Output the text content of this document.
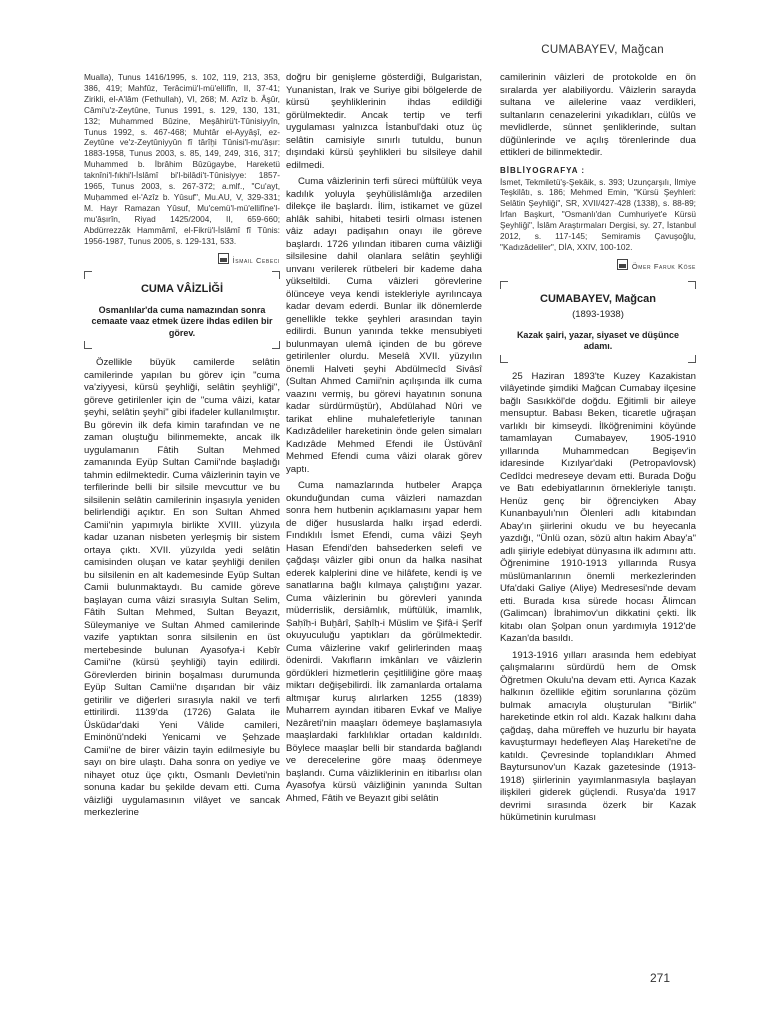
CUMABAYEV, Mağcan

Mualla), Tunus 1416/1995, s. 102, 119, 213, 353, 386, 419; Mahfûz, Terâcimü'l-mü'ellifîn, II, 37-41; Zirikli, el-A'lâm (Fethullah), VI, 268; M. Azîz b. Âşûr, Câmi'u'z-Zeytûne, Tunus 1991, s. 129, 130, 131, 132; Muhammed Bûzine, Meşâhirü't-Tûnisiyyîn, Tunus 1992, s. 467-468; Muhtâr el-Ayyâşî, ez-Zeytûne ve'z-Zeytûniyyûn fî târîḫi Tûnisi'l-mu'âṣır: 1883-1958, Tunus 2003, s. 85, 149, 249, 316, 317; Muhammed b. İbrâhim Bûzügaybe, Hareketü taknîni'l-fıkhi'l-İslâmî bi'l-bilâdi't-Tûnisiyye: 1857-1965, Tunus 2003, s. 267-372; a.mlf., "Cu'ayt, Muḥammed el-'Azîz b. Yûsuf", Mu.AU, V, 329-331; M. Hayr Ramazan Yûsuf, Mu'cemü'l-mü'ellifîne'l-mu'âṣırîn, Riyad 1425/2004, II, 659-660; Abdürrezzâk Hammâmî, el-Fikrü'l-İslâmî fî Tûnis: 1956-1987, Tunus 2005, s. 129-131, 533.

İsmail Cebeci

CUMA VÂİZLİĞİ

Osmanlılar'da cuma namazından sonra cemaate vaaz etmek üzere ihdas edilen bir görev.

Özellikle büyük camilerde selâtin camilerinde yapılan bu görev için "cuma va'ziyyesi, kürsü şeyhliği, selâtin şeyhliği", göreve getirilenler için de "cuma vâizi, katar şeyhi, selâtin şeyhi" gibi ifadeler kullanılmıştır. Bu görevin ilk defa kimin tarafından ve ne zaman oluştuğu bilinmemekte, ancak ilk uygulamanın Fâtih Sultan Mehmed zamanında Eyüp Sultan Camii'nde başladığı tahmin edilmektedir. Cuma vâizlerinin tayin ve terfilerinde belli bir silsile mevcuttur ve bu silsilenin selâtin camilerinin inşasıyla yeniden belirlendiği açıktır. En son Sultan Ahmed Camii'nin yapımıyla birlikte XVIII. yüzyıla kadar uzanan nisbeten yerleşmiş bir sistem ortaya çıktı. XVII. yüzyılda yedi selâtin camisinden oluşan ve katar şeyhliği denilen bu silsilenin en alt kademesinde Eyüp Sultan Camii bulunmaktaydı. Bu camide göreve başlayan cuma vâizi sırasıyla Sultan Selim, Fâtih Sultan Mehmed, Sultan Beyazıt, Süleymaniye ve Sultan Ahmed camilerinde vazife yaptıktan sonra silsilenin en üst mertebesinde bulunan Ayasofya-i Kebîr Camii'ne (kürsü şeyhliği) tayin edilirdi. Görevlerden birinin boşalması durumunda Eyüp Sultan Camii'ne dışarıdan bir vâiz getirilir ve diğerleri sırasıyla nakil ve terfi ettirilirdi. 1139'da (1726) Galata ile Üsküdar'daki Yeni Vâlide camileri, Eminönü'ndeki Yenicami ve Şehzade Camii'ne de birer vâizin tayin edilmesiyle bu sayı on bire ulaştı. Daha sonra on yediye ve nihayet otuz üçe çıktı, Osmanlı Devleti'nin sonuna kadar bu şekilde devam etti. Cuma vâizliği uygulamasının vilâyet ve sancak merkezlerine

doğru bir genişleme gösterdiği, Bulgaristan, Yunanistan, Irak ve Suriye gibi bölgelerde de kürsü şeyhliklerinin ihdas edildiği görülmektedir. Ancak tertip ve terfi uygulaması yalnızca İstanbul'daki otuz üç selâtin camisiyle sınırlı tutuldu, bunun dışındaki kürsü şeyhlikleri bu silsileye dahil edilmedi.

Cuma vâizlerinin terfi süreci müftülük veya kadılık yoluyla şeyhülislâmlığa arzedilen dilekçe ile başlardı. İlim, istikamet ve güzel ahlâk sahibi, hitabeti tesirli olması istenen vâiz adayı padişahın onayı ile göreve başlardı. 1726 yılından itibaren cuma vâizliği silsilesine dahil olanlara selâtin şeyhliği unvanı verilerek rütbeleri bir kademe daha yükseltildi. Cuma vâizleri görevlerine ölünceye veya kendi istekleriyle ayrılıncaya kadar devam ederdi. Bunlar ilk dönemlerde genellikle tekke şeyhleri arasından tayin edilirdi. Bunun yanında tekke mensubiyeti bulunmayan ulemâ içinden de bu göreve getirilenler olurdu. Meselâ XVII. yüzyılın önemli Halveti şeyhi Abdülmecîd Sivâsî (Sultan Ahmed Camii'nin açılışında ilk cuma vaazını vermiş, bu görevi hayatının sonuna kadar sürdürmüştür), Abdülahad Nûri ve tarikat ehline muhalefetleriyle tanınan Kadızâdeliler hareketinin önde gelen simaları Kadızâde Mehmed Efendi ile Üstüvânî Mehmed Efendi cuma vâizi olarak görev yaptı.

Cuma namazlarında hutbeler Arapça okunduğundan cuma vâizleri namazdan sonra hem hutbenin açıklamasını yapar hem de diğer hususlarda halkı irşad ederdi. Fındıklılı İsmet Efendi, cuma vâizi Şeyh Hasan Efendi'den bahsederken selefi ve çağdaşı vâizler gibi onun da halka nasihat ederek kalplerini dine ve hilâfete, kendi iş ve sanatlarına bağlı kılmaya çalıştığını yazar. Cuma vâizlerinin bu görevleri yanında müderrislik, dersiâmlık, müftülük, imamlık, Ṣaḥîḥ-i Buḫârî, Ṣaḥîḥ-i Müslim ve Şifâ-i Şerîf okuyuculuğu yaptıkları da görülmektedir. Cuma vâizlerine vakıf gelirlerinden maaş ödenirdi. Vakıfların imkânları ve vâizlerin gördükleri hizmetlerin çeşitliliğine göre maaş miktarı değişebilirdi. İlk zamanlarda ortalama altmışar kuruş alırlarken 1255 (1839) Muharrem ayından itibaren Evkaf ve Maliye Nezâreti'nin maaşları ödemeye başlamasıyla maaşlardaki farklılıklar ortadan kaldırıldı. Böylece maaşlar belli bir standarda bağlandı ve derecelerine göre maaş ödenmeye başlandı. Cuma vâizliklerinin en itibarlısı olan Ayasofya kürsü vâizliğinin yanında Sultan Ahmed, Fâtih ve Beyazıt gibi selâtin

camilerinin vâizleri de protokolde en ön sıralarda yer alabiliyordu. Vâizlerin sarayda sultana ve ailelerine vaaz verdikleri, sultanların cenazelerini yıkadıkları, cülûs ve mevlidlerde, sünnet şenliklerinde, sultan düğünlerinde ve açılış törenlerinde dua ettikleri de bilinmektedir.

BİBLİYOGRAFYA :

İsmet, Tekmiletü'ş-Şekâik, s. 393; Uzunçarşılı, İlmiye Teşkilâtı, s. 186; Mehmed Emin, "Kürsü Şeyhleri: Selâtin Şeyhliği", SR, XVII/427-428 (1338), s. 88-89; İrfan Başkurt, "Osmanlı'dan Cumhuriyet'e Kürsü Şeyhliği", İslâm Araştırmaları Dergisi, sy. 27, İstanbul 2012, s. 117-145; Semiramis Çavuşoğlu, "Kadızâdeliler", DİA, XXIV, 100-102.

Ömer Faruk Köse

CUMABAYEV, Mağcan

(1893-1938)

Kazak şairi, yazar, siyaset ve düşünce adamı.

25 Haziran 1893'te Kuzey Kazakistan vilâyetinde şimdiki Mağcan Cumabay ilçesine bağlı Sasıkköl'de doğdu. Eğitimli bir aileye mensuptur. Babası Beken, ticaretle uğraşan varlıklı bir kimseydi. İlköğrenimini köyünde tamamlayan Cumabayev, 1905-1910 yıllarında Muhammedcan Begişev'in idaresinde Kızılyar'daki (Petropavlovsk) Cedîdci medreseye devam etti. Burada Doğu ve Batı edebiyatlarının örnekleriyle tanıştı. Henüz genç bir öğrenciyken Abay Kunanbayulı'nın Ölenleri adlı kitabından Abay'ın şiirlerini okudu ve bu heyecanla yazdığı, "Ünlü ozan, sözü altın hakim Abay'a" adlı şiiriyle edebiyat dünyasına ilk adımını attı. Öğrenimine 1910-1913 yıllarında Rusya müslümanlarının önemli merkezlerinden Ufa'daki Galiye (Aliye) Medresesi'nde devam etti. Burada kısa sürede hocası Âlimcan (Galimcan) İbrahimov'un dikkatini çekti. İlk kitabı olan Şolpan onun yardımıyla 1912'de Kazan'da basıldı.

1913-1916 yılları arasında hem edebiyat çalışmalarını sürdürdü hem de Omsk Öğretmen Okulu'na devam etti. Ayrıca Kazak halkının özellikle eğitim sorunlarına çözüm bulmak amacıyla oluşturulan "Birlik" hareketinde etkin rol aldı. Kazak halkını daha çağdaş, daha müreffeh ve huzurlu bir hayata kavuşturmayı hedefleyen Alaş Hareketi'ne de katıldı. Çevresinde toplandıkları Ahmed Baytursunov'un Kazak gazetesinde (1913-1918) şiirlerinin yayımlanmasıyla başlayan ilişkileri giderek güçlendi. Rusya'da 1917 devrimi sırasında özerk bir Kazak hükümetinin kurulması

271
